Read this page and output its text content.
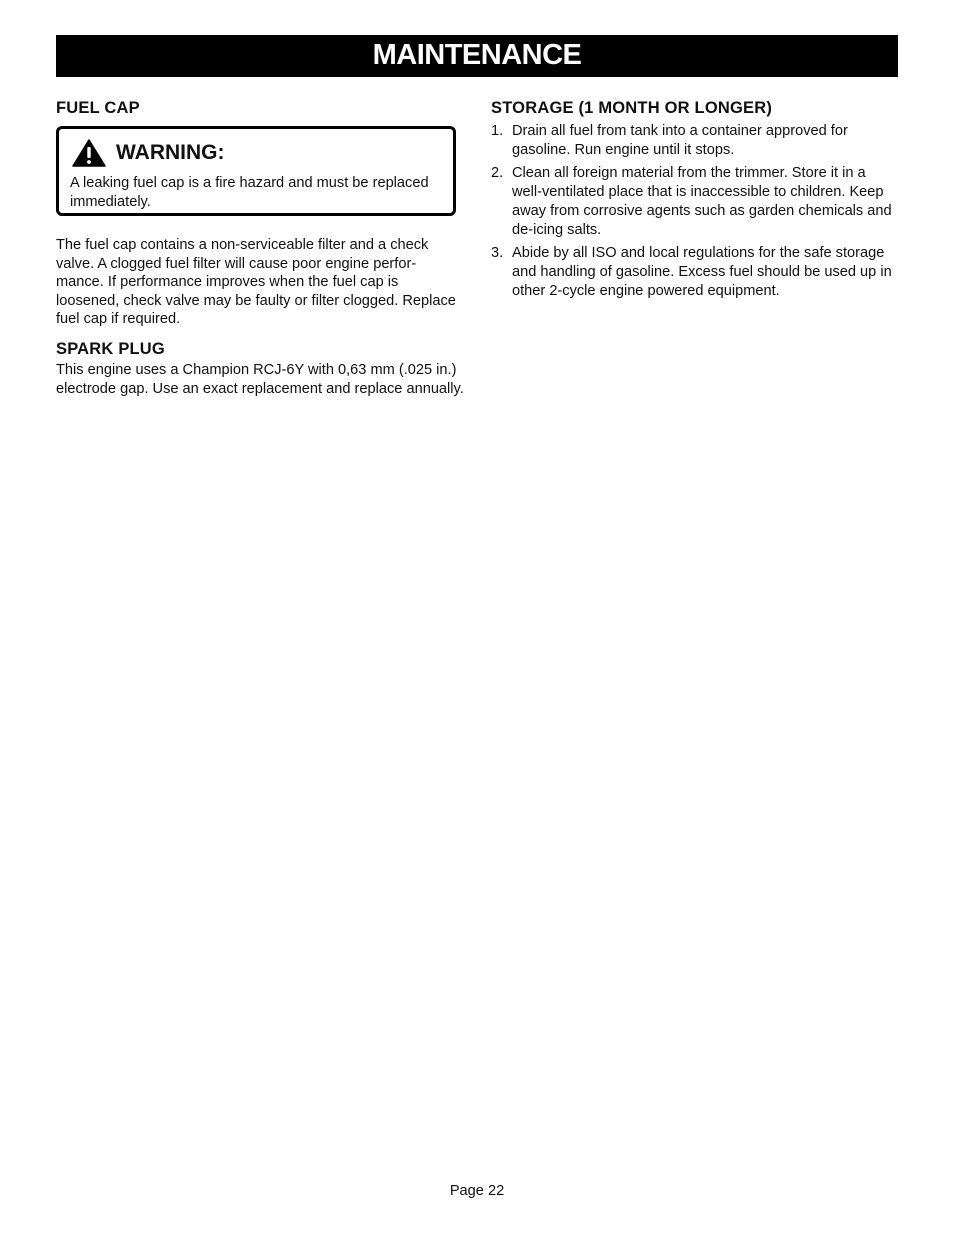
MAINTENANCE
FUEL CAP
WARNING:

A leaking fuel cap is a fire hazard and must be replaced immediately.

The fuel cap contains a non-serviceable filter and a check valve. A clogged fuel filter will cause poor engine perfor-mance. If performance improves when the fuel cap is loosened, check valve may be faulty or filter clogged. Replace fuel cap if required.

SPARK PLUG

This engine uses a Champion RCJ-6Y with 0,63 mm (.025 in.) electrode gap. Use an exact replacement and replace annually.

STORAGE (1 MONTH OR LONGER)
1. Drain all fuel from tank into a container approved for gasoline. Run engine until it stops.
2. Clean all foreign material from the trimmer. Store it in a well-ventilated place that is inaccessible to children. Keep away from corrosive agents such as garden chemicals and de-icing salts.
3. Abide by all ISO and local regulations for the safe storage and handling of gasoline. Excess fuel should be used up in other 2-cycle engine powered equipment.
Page 22
